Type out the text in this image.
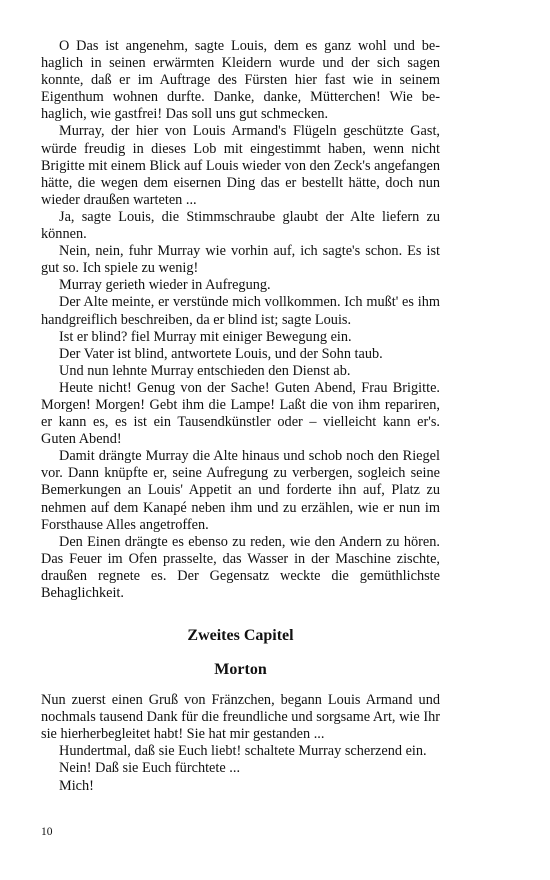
O Das ist angenehm, sagte Louis, dem es ganz wohl und behaglich in seinen erwärmten Kleidern wurde und der sich sagen konnte, daß er im Auftrage des Fürsten hier fast wie in seinem Eigenthum wohnen durfte. Danke, danke, Mütterchen! Wie behaglich, wie gastfrei! Das soll uns gut schmecken.

Murray, der hier von Louis Armand's Flügeln geschützte Gast, würde freudig in dieses Lob mit eingestimmt haben, wenn nicht Brigitte mit einem Blick auf Louis wieder von den Zeck's angefangen hätte, die wegen dem eisernen Ding das er bestellt hätte, doch nun wieder draußen warteten ...

Ja, sagte Louis, die Stimmschraube glaubt der Alte liefern zu können.

Nein, nein, fuhr Murray wie vorhin auf, ich sagte's schon. Es ist gut so. Ich spiele zu wenig!

Murray gerieth wieder in Aufregung.

Der Alte meinte, er verstünde mich vollkommen. Ich mußt' es ihm handgreiflich beschreiben, da er blind ist; sagte Louis.

Ist er blind? fiel Murray mit einiger Bewegung ein.

Der Vater ist blind, antwortete Louis, und der Sohn taub.

Und nun lehnte Murray entschieden den Dienst ab.

Heute nicht! Genug von der Sache! Guten Abend, Frau Brigitte. Morgen! Morgen! Gebt ihm die Lampe! Laßt die von ihm repariren, er kann es, es ist ein Tausendkünstler oder – vielleicht kann er's. Guten Abend!

Damit drängte Murray die Alte hinaus und schob noch den Riegel vor. Dann knüpfte er, seine Aufregung zu verbergen, sogleich seine Bemerkungen an Louis' Appetit an und forderte ihn auf, Platz zu nehmen auf dem Kanapé neben ihm und zu erzählen, wie er nun im Forsthause Alles angetroffen.

Den Einen drängte es ebenso zu reden, wie den Andern zu hören. Das Feuer im Ofen prasselte, das Wasser in der Maschine zischte, draußen regnete es. Der Gegensatz weckte die gemüthlichste Behaglichkeit.

Zweites Capitel
Morton

Nun zuerst einen Gruß von Fränzchen, begann Louis Armand und nochmals tausend Dank für die freundliche und sorgsame Art, wie Ihr sie hierherbegleitet habt! Sie hat mir gestanden ...

Hundertmal, daß sie Euch liebt! schaltete Murray scherzend ein.

Nein! Daß sie Euch fürchtete ...

Mich!

10
